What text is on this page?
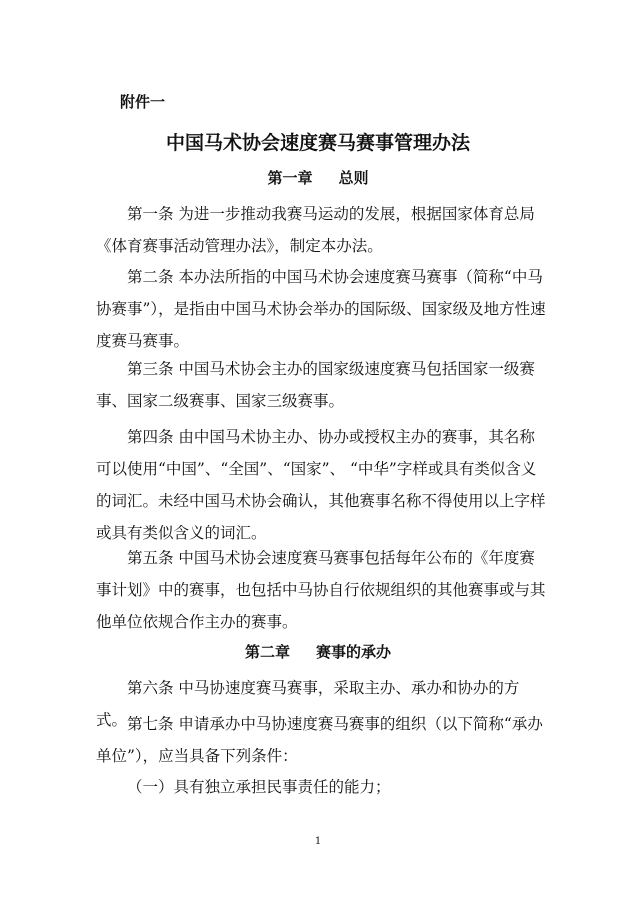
附件一
中国马术协会速度赛马赛事管理办法
第一章 总则

第一条 为进一步推动我赛马运动的发展，根据国家体育总局《体育赛事活动管理办法》，制定本办法。

第二条 本办法所指的中国马术协会速度赛马赛事（简称“中马协赛事”），是指由中国马术协会举办的国际级、国家级及地方性速度赛马赛事。

第三条 中国马术协会主办的国家级速度赛马包括国家一级赛事、国家二级赛事、国家三级赛事。

第四条 由中国马术协主办、协办或授权主办的赛事，其名称可以使用“中国”、“全国”、“国家”、 “中华”字样或具有类似含义的词汇。未经中国马术协会确认，其他赛事名称不得使用以上字样或具有类似含义的词汇。

第五条 中国马术协会速度赛马赛事包括每年公布的《年度赛事计划》中的赛事，也包括中马协自行依规组织的其他赛事或与其他单位依规合作主办的赛事。

第二章 赛事的承办

第六条 中马协速度赛马赛事，采取主办、承办和协办的方式。 第七条 申请承办中马协速度赛马赛事的组织（以下简称“承办单位”），应当具备下列条件：

（一）具有独立承担民事责任的能力；

1
